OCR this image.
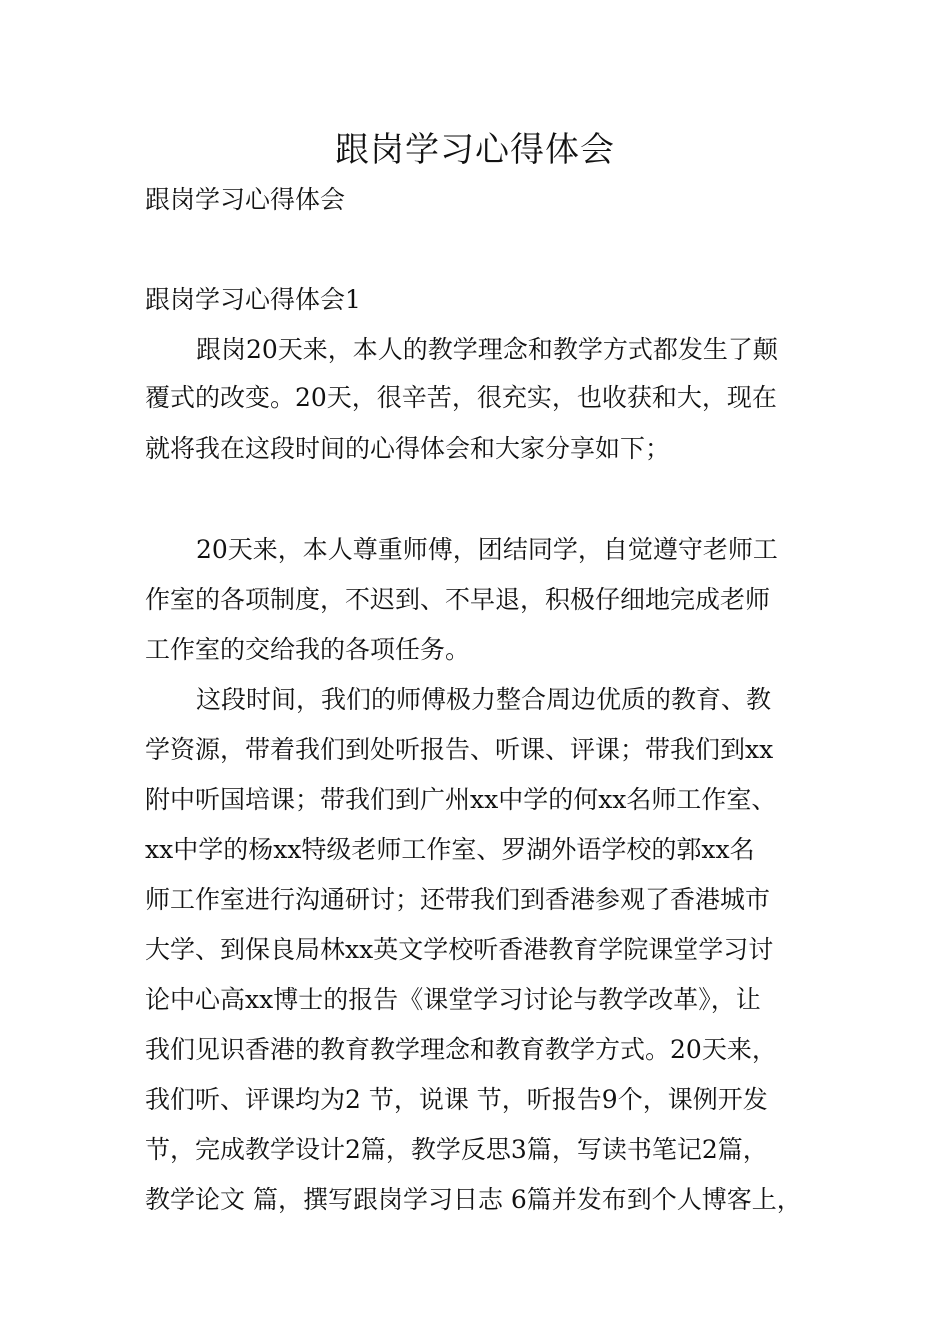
跟岗学习心得体会
跟岗学习心得体会
跟岗学习心得体会1
跟岗20天来，本人的教学理念和教学方式都发生了颠
覆式的改变。20天，很辛苦，很充实，也收获和大，现在
就将我在这段时间的心得体会和大家分享如下；
20天来，本人尊重师傅，团结同学，自觉遵守老师工
作室的各项制度，不迟到、不早退，积极仔细地完成老师
工作室的交给我的各项任务。
这段时间，我们的师傅极力整合周边优质的教育、教
学资源，带着我们到处听报告、听课、评课；带我们到xx
附中听国培课；带我们到广州xx中学的何xx名师工作室、
xx中学的杨xx特级老师工作室、罗湖外语学校的郭xx名
师工作室进行沟通研讨；还带我们到香港参观了香港城市
大学、到保良局林xx英文学校听香港教育学院课堂学习讨
论中心高xx博士的报告《课堂学习讨论与教学改革》，让
我们见识香港的教育教学理念和教育教学方式。20天来，
我们听、评课均为2 节，说课 节，听报告9个，课例开发
节，完成教学设计2篇，教学反思3篇，写读书笔记2篇，
教学论文 篇，撰写跟岗学习日志 6篇并发布到个人博客上，
